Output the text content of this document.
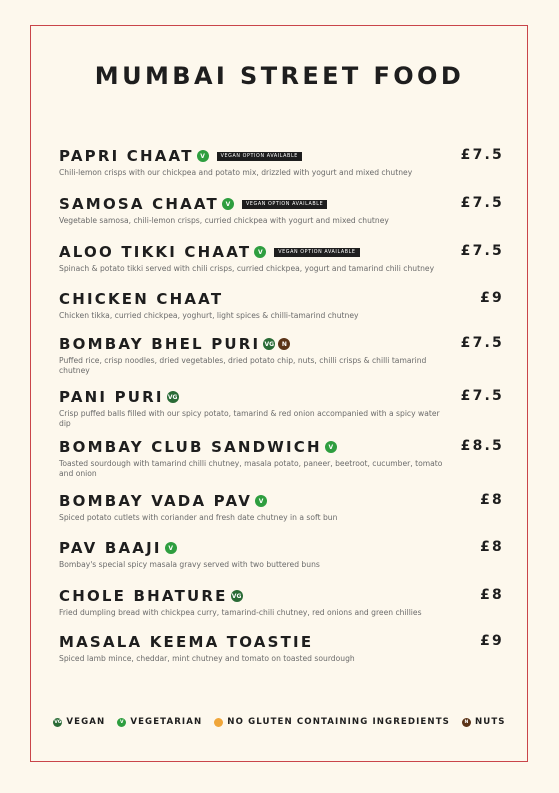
MUMBAI STREET FOOD
PAPRI CHAAT	V	VEGAN OPTION AVAILABLE	£7.5
Chili-lemon crisps with our chickpea and potato mix, drizzled with yogurt and mixed chutney
SAMOSA CHAAT	V	VEGAN OPTION AVAILABLE	£7.5
Vegetable samosa, chili-lemon crisps, curried chickpea with yogurt and mixed chutney
ALOO TIKKI CHAAT	V	VEGAN OPTION AVAILABLE	£7.5
Spinach & potato tikki served with chili crisps, curried chickpea, yogurt and tamarind chili chutney
CHICKEN CHAAT	£9
Chicken tikka, curried chickpea, yoghurt, light spices & chilli-tamarind chutney
BOMBAY BHEL PURI VG	N	£7.5
Puffed rice, crisp noodles, dried vegetables, dried potato chip, nuts, chilli crisps & chilli tamarind chutney
PANI PURI VG	£7.5
Crisp puffed balls filled with our spicy potato, tamarind & red onion accompanied with a spicy water dip
BOMBAY CLUB SANDWICH	V	£8.5
Toasted sourdough with tamarind chilli chutney, masala potato, paneer, beetroot, cucumber, tomato and onion
BOMBAY VADA PAV	V	£8
Spiced potato cutlets with coriander and fresh date chutney in a soft bun
PAV BAAJI	V	£8
Bombay's special spicy masala gravy served with two buttered buns
CHOLE BHATURE VG	£8
Fried dumpling bread with chickpea curry, tamarind-chili chutney, red onions and green chillies
MASALA KEEMA TOASTIE	£9
Spiced lamb mince, cheddar, mint chutney and tomato on toasted sourdough
VG VEGAN	V VEGETARIAN	NO GLUTEN CONTAINING INGREDIENTS	N NUTS
